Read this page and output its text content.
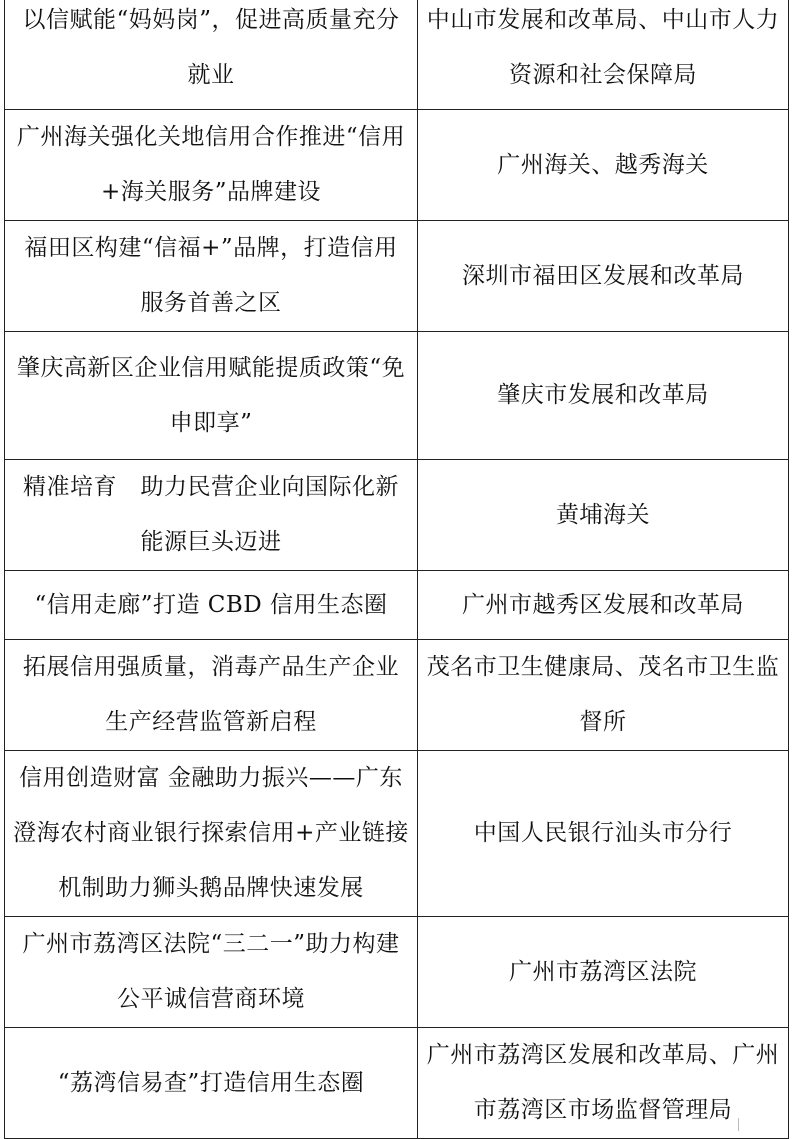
以信赋能“妈妈岗”，促进高质量充分就业	中山市发展和改革局、中山市人力资源和社会保障局
广州海关强化关地信用合作推进“信用+海关服务”品牌建设	广州海关、越秀海关
福田区构建“信福+”品牌，打造信用服务首善之区	深圳市福田区发展和改革局
肇庆高新区企业信用赋能提质政策“免申即享”	肇庆市发展和改革局
精准培育　助力民营企业向国际化新能源巨头迈进	黄埔海关
“信用走廊”打造 CBD 信用生态圈	广州市越秀区发展和改革局
拓展信用强质量，消毒产品生产企业生产经营监管新启程	茂名市卫生健康局、茂名市卫生监督所
信用创造财富 金融助力振兴——广东澄海农村商业银行探索信用+产业链接机制助力狮头鹅品牌快速发展	中国人民银行汕头市分行
广州市荔湾区法院“三二一”助力构建公平诚信营商环境	广州市荔湾区法院
“荔湾信易查”打造信用生态圈	广州市荔湾区发展和改革局、广州市荔湾区市场监督管理局
